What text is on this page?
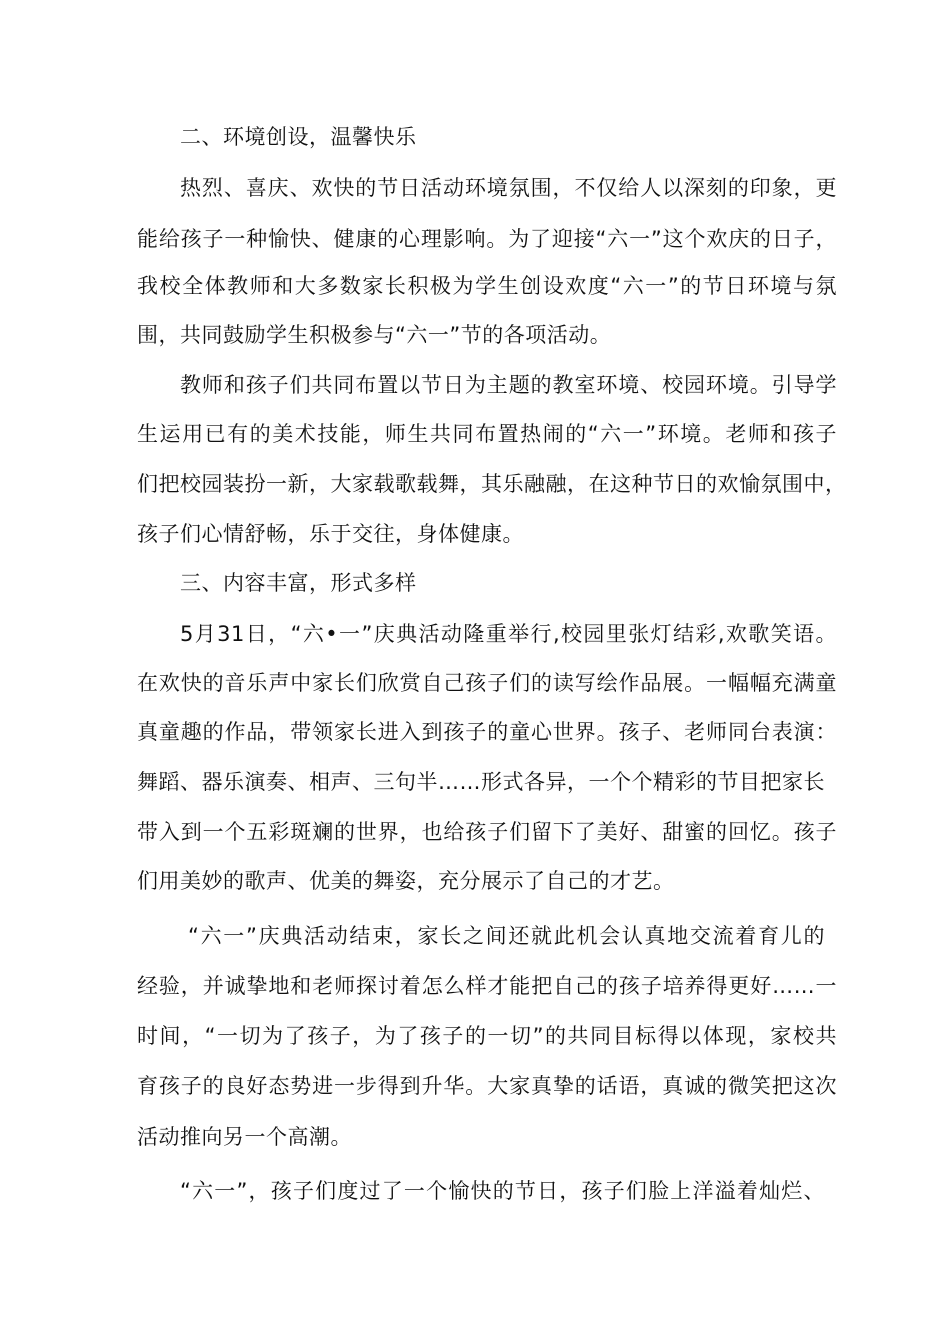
二、环境创设，温馨快乐
热烈、喜庆、欢快的节日活动环境氛围，不仅给人以深刻的印象，更
能给孩子一种愉快、健康的心理影响。为了迎接“六一”这个欢庆的日子，
我校全体教师和大多数家长积极为学生创设欢度“六一”的节日环境与氛
围，共同鼓励学生积极参与“六一”节的各项活动。
教师和孩子们共同布置以节日为主题的教室环境、校园环境。引导学
生运用已有的美术技能，师生共同布置热闹的“六一”环境。老师和孩子
们把校园装扮一新，大家载歌载舞，其乐融融，在这种节日的欢愉氛围中，
孩子们心情舒畅，乐于交往，身体健康。
三、内容丰富，形式多样
5月31日，“六•一”庆典活动隆重举行,校园里张灯结彩,欢歌笑语。
在欢快的音乐声中家长们欣赏自己孩子们的读写绘作品展。一幅幅充满童
真童趣的作品，带领家长进入到孩子的童心世界。孩子、老师同台表演：
舞蹈、器乐演奏、相声、三句半……形式各异，一个个精彩的节目把家长
带入到一个五彩斑斓的世界，也给孩子们留下了美好、甜蜜的回忆。孩子
们用美妙的歌声、优美的舞姿，充分展示了自己的才艺。
“六一”庆典活动结束，家长之间还就此机会认真地交流着育儿的
经验，并诚挚地和老师探讨着怎么样才能把自己的孩子培养得更好……一
时间，“一切为了孩子，为了孩子的一切”的共同目标得以体现，家校共
育孩子的良好态势进一步得到升华。大家真挚的话语，真诚的微笑把这次
活动推向另一个高潮。
“六一”，孩子们度过了一个愉快的节日，孩子们脸上洋溢着灿烂、
